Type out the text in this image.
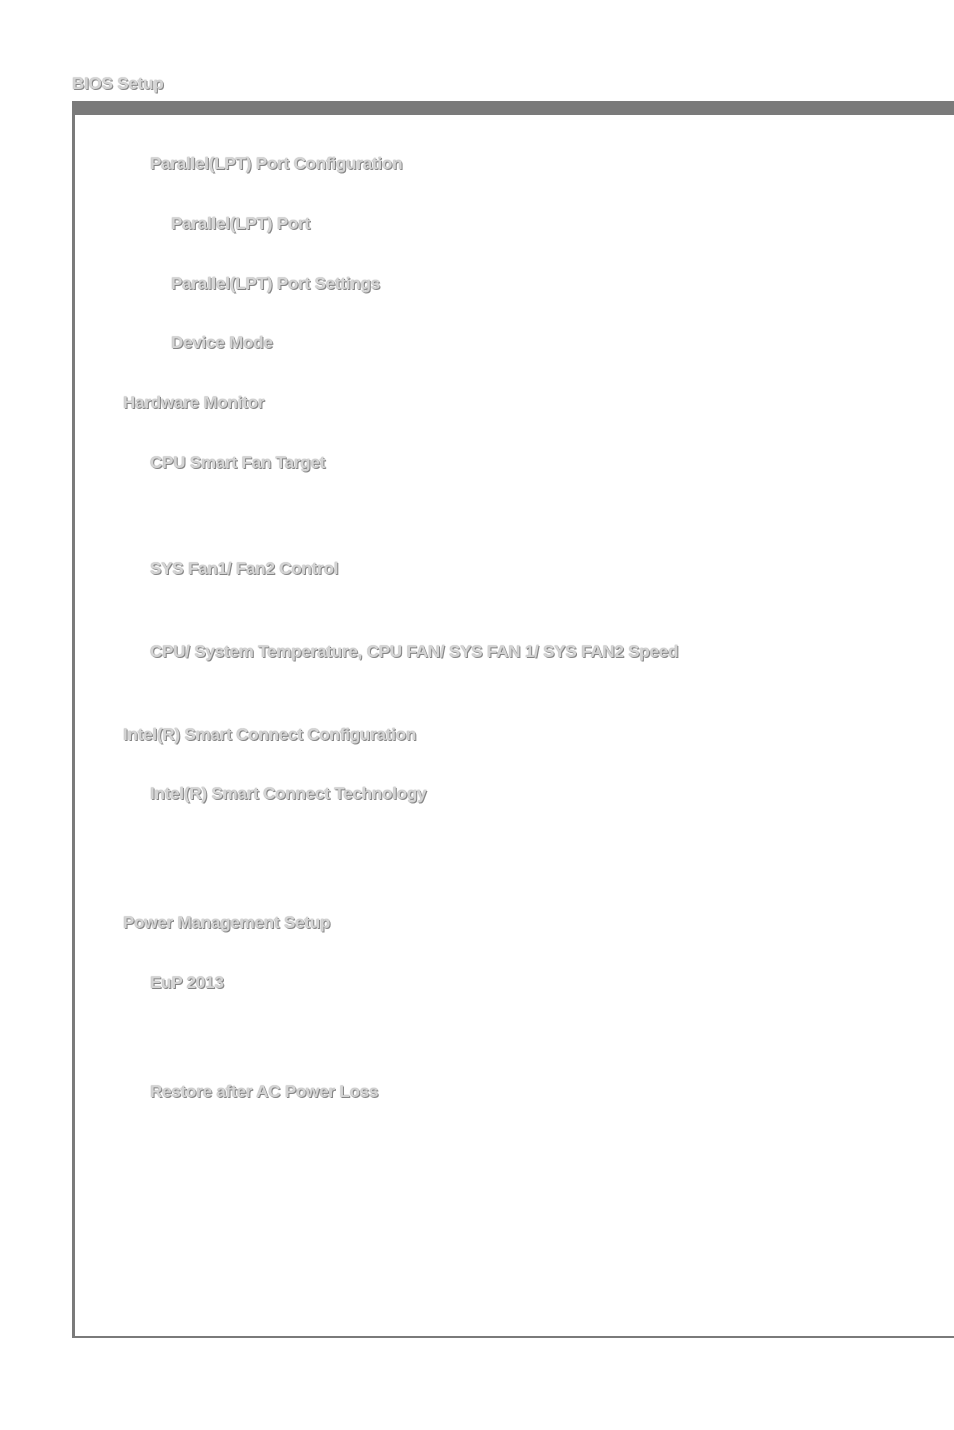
BIOS Setup
Parallel(LPT) Port Configuration
Parallel(LPT) Port
Parallel(LPT) Port Settings
Device Mode
Hardware Monitor
CPU Smart Fan Target
SYS Fan1/ Fan2 Control
CPU/ System Temperature, CPU FAN/ SYS FAN 1/ SYS FAN2 Speed
Intel(R) Smart Connect Configuration
Intel(R) Smart Connect Technology
Power Management Setup
EuP 2013
Restore after AC Power Loss
